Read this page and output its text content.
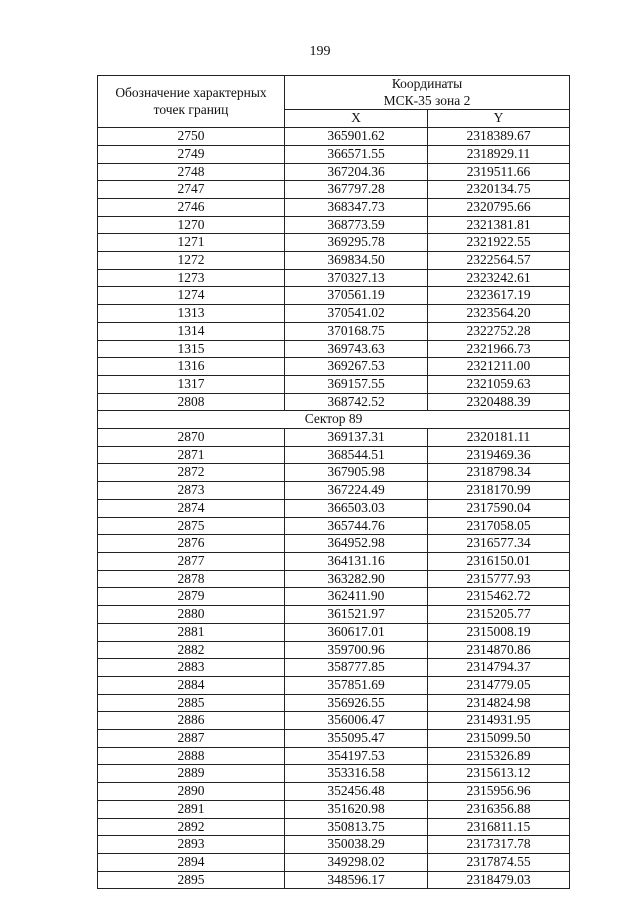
199
Обозначение характерных
точек границ	Координаты
МСК-35 зона 2	

	X	Y
2750	365901.62	2318389.67
2749	366571.55	2318929.11
2748	367204.36	2319511.66
2747	367797.28	2320134.75
2746	368347.73	2320795.66
1270	368773.59	2321381.81
1271	369295.78	2321922.55
1272	369834.50	2322564.57
1273	370327.13	2323242.61
1274	370561.19	2323617.19
1313	370541.02	2323564.20
1314	370168.75	2322752.28
1315	369743.63	2321966.73
1316	369267.53	2321211.00
1317	369157.55	2321059.63
2808	368742.52	2320488.39
Сектор 89		
2870	369137.31	2320181.11
2871	368544.51	2319469.36
2872	367905.98	2318798.34
2873	367224.49	2318170.99
2874	366503.03	2317590.04
2875	365744.76	2317058.05
2876	364952.98	2316577.34
2877	364131.16	2316150.01
2878	363282.90	2315777.93
2879	362411.90	2315462.72
2880	361521.97	2315205.77
2881	360617.01	2315008.19
2882	359700.96	2314870.86
2883	358777.85	2314794.37
2884	357851.69	2314779.05
2885	356926.55	2314824.98
2886	356006.47	2314931.95
2887	355095.47	2315099.50
2888	354197.53	2315326.89
2889	353316.58	2315613.12
2890	352456.48	2315956.96
2891	351620.98	2316356.88
2892	350813.75	2316811.15
2893	350038.29	2317317.78
2894	349298.02	2317874.55
2895	348596.17	2318479.03
